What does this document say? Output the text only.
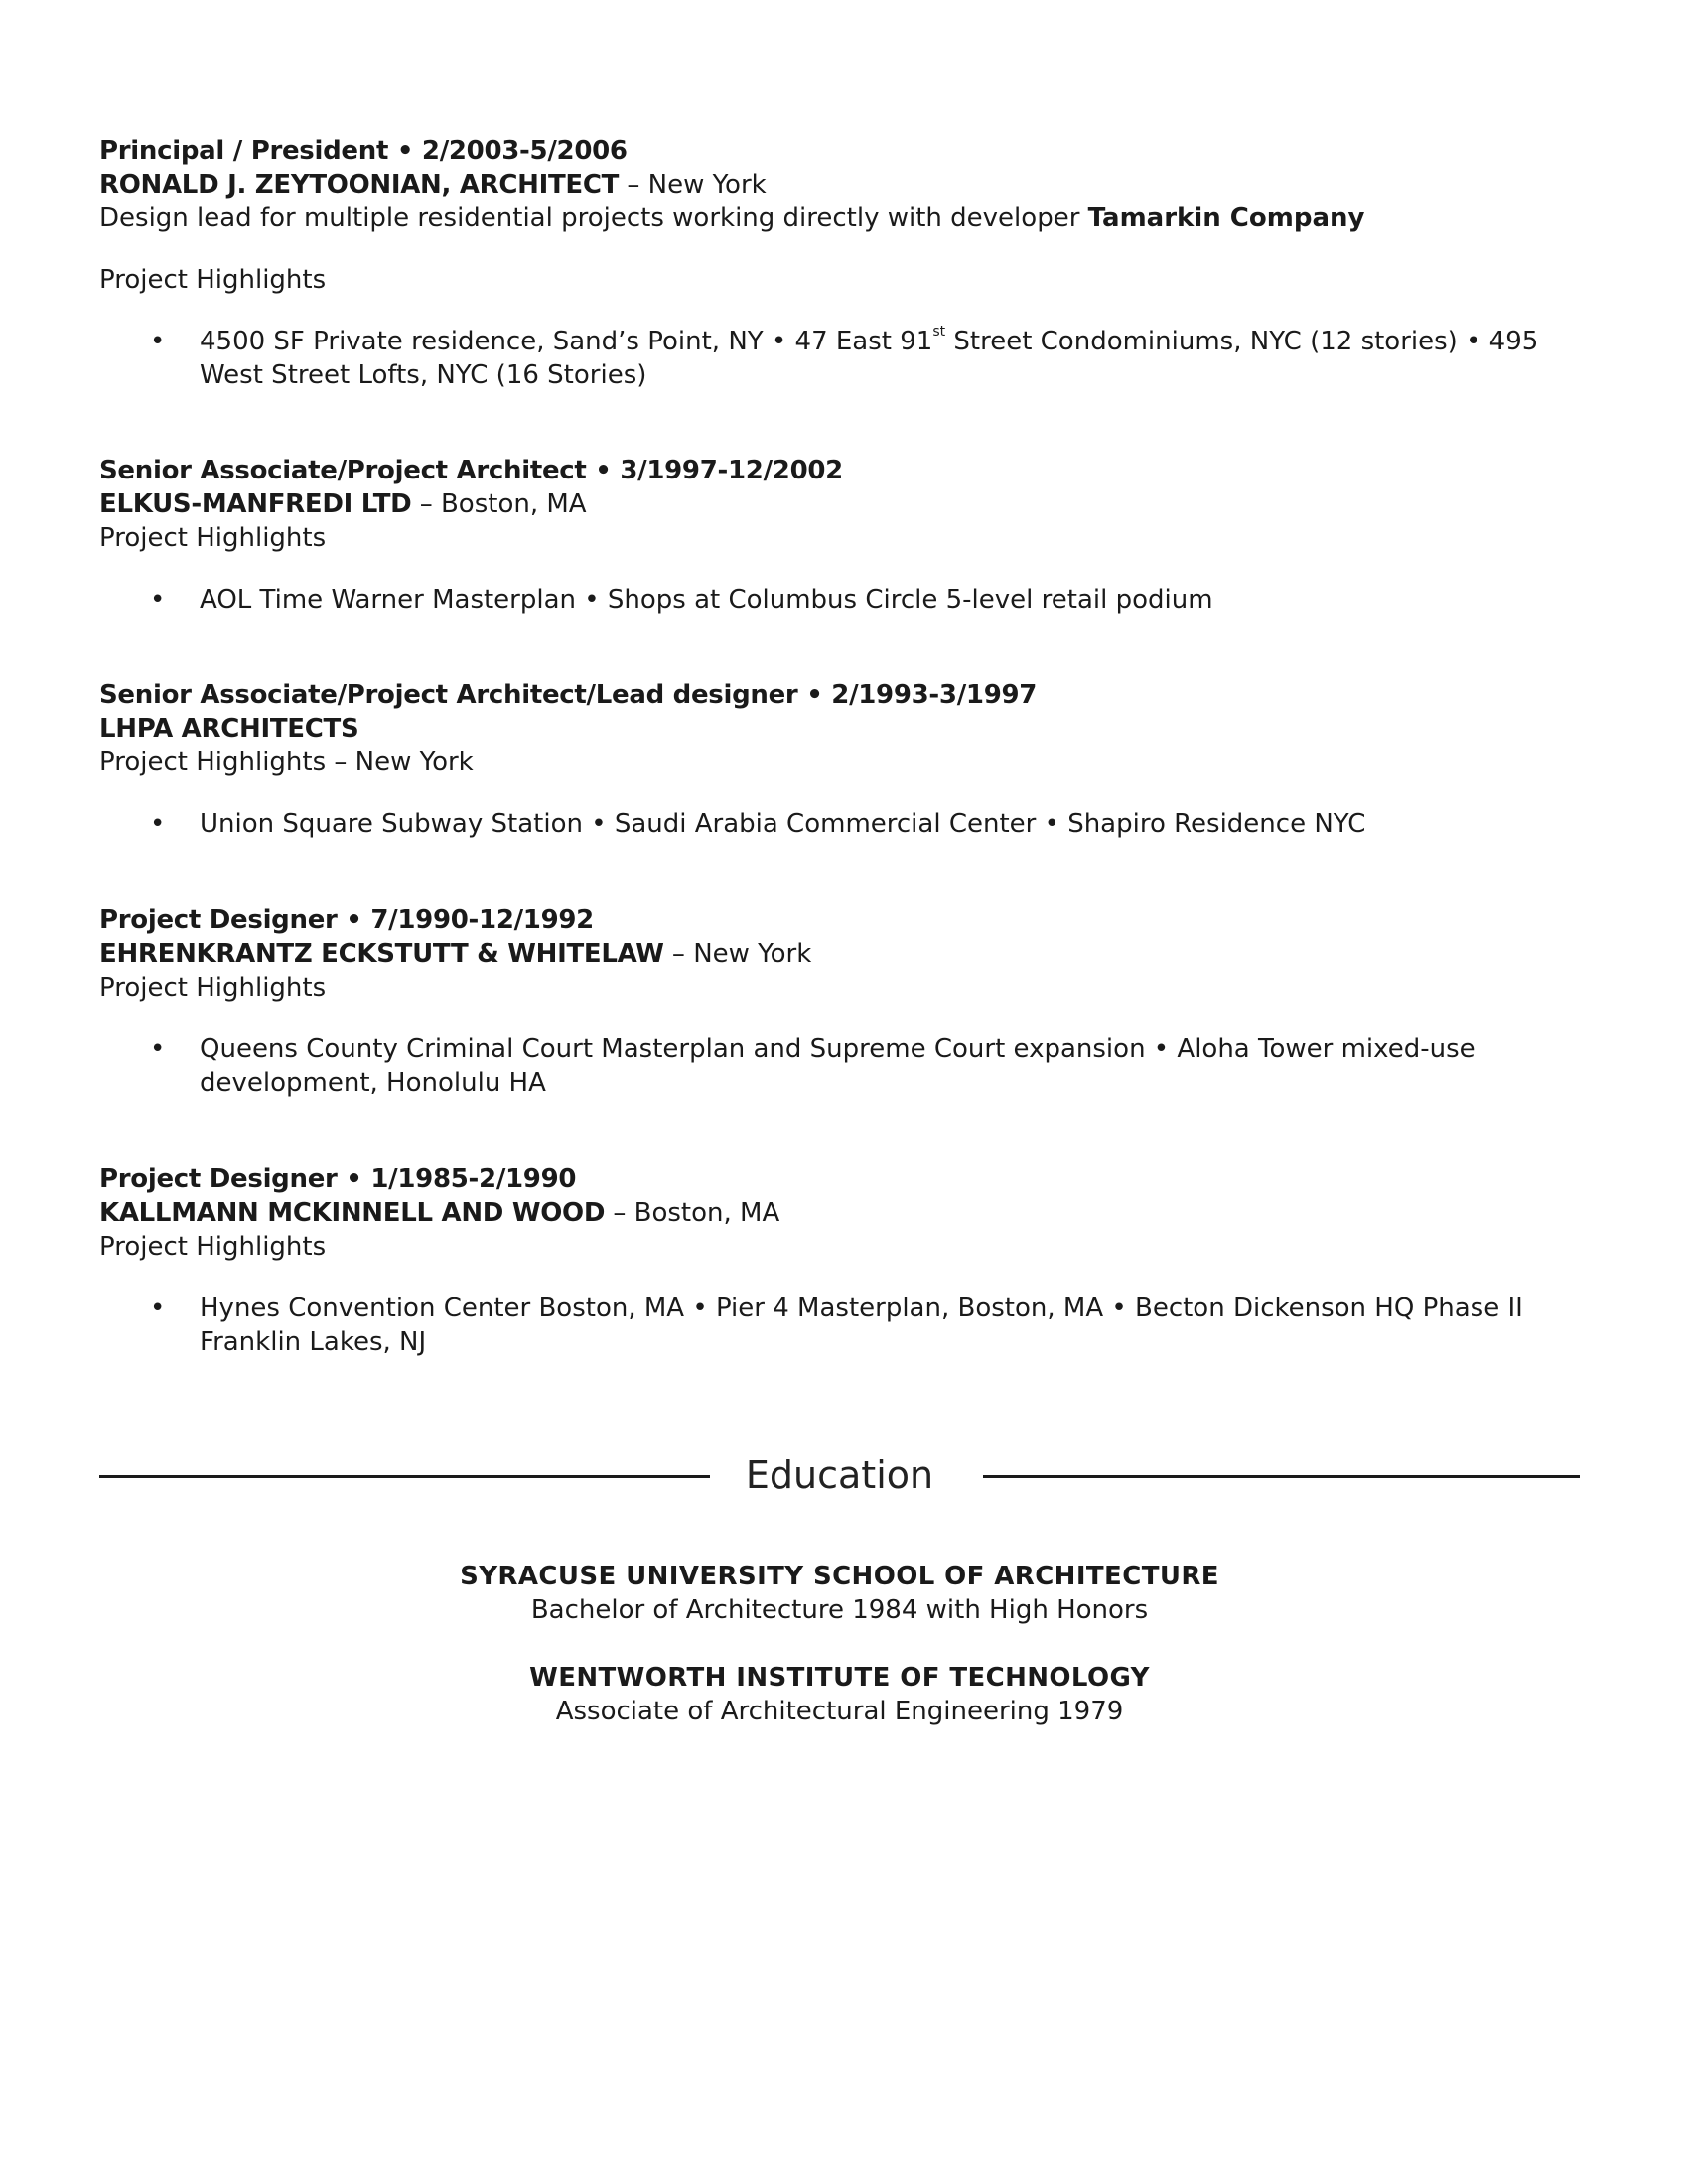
Principal / President • 2/2003-5/2006
RONALD J. ZEYTOONIAN, ARCHITECT – New York
Design lead for multiple residential projects working directly with developer Tamarkin Company
Project Highlights
• 4500 SF Private residence, Sand’s Point, NY • 47 East 91st Street Condominiums, NYC (12 stories) • 495
West Street Lofts, NYC (16 Stories)
Senior Associate/Project Architect • 3/1997-12/2002
ELKUS-MANFREDI LTD – Boston, MA
Project Highlights
• AOL Time Warner Masterplan • Shops at Columbus Circle 5-level retail podium
Senior Associate/Project Architect/Lead designer • 2/1993-3/1997
LHPA ARCHITECTS
Project Highlights – New York
• Union Square Subway Station • Saudi Arabia Commercial Center • Shapiro Residence NYC
Project Designer • 7/1990-12/1992
EHRENKRANTZ ECKSTUTT & WHITELAW – New York
Project Highlights
• Queens County Criminal Court Masterplan and Supreme Court expansion • Aloha Tower mixed-use
development, Honolulu HA
Project Designer • 1/1985-2/1990
KALLMANN MCKINNELL AND WOOD – Boston, MA
Project Highlights
• Hynes Convention Center Boston, MA • Pier 4 Masterplan, Boston, MA • Becton Dickenson HQ Phase II
Franklin Lakes, NJ
Education
SYRACUSE UNIVERSITY SCHOOL OF ARCHITECTURE
Bachelor of Architecture 1984 with High Honors
WENTWORTH INSTITUTE OF TECHNOLOGY
Associate of Architectural Engineering 1979
